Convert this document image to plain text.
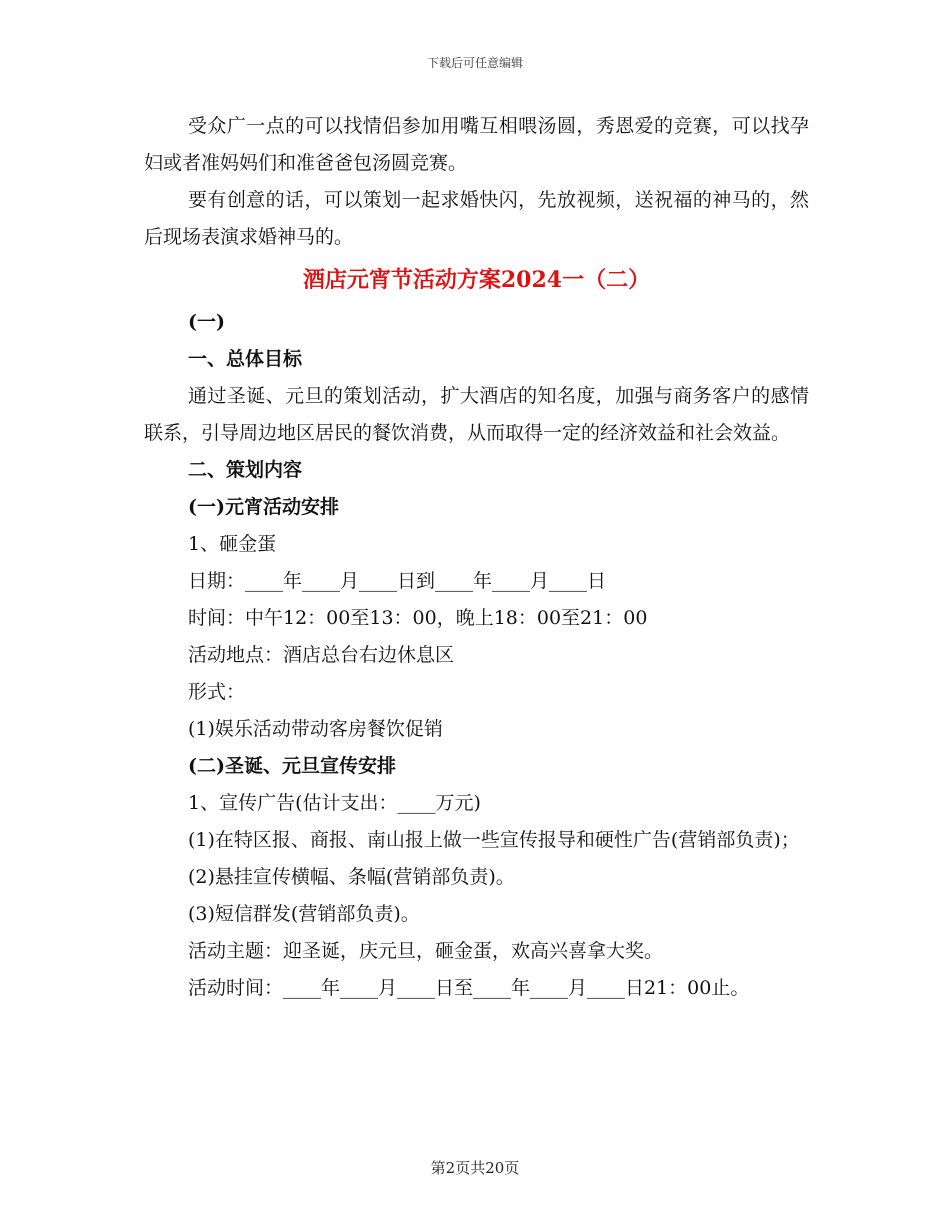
下载后可任意编辑

受众广一点的可以找情侣参加用嘴互相喂汤圆，秀恩爱的竞赛，可以找孕妇或者准妈妈们和准爸爸包汤圆竞赛。

要有创意的话，可以策划一起求婚快闪，先放视频，送祝福的神马的，然后现场表演求婚神马的。

酒店元宵节活动方案2024一（二）

(一)

一、总体目标

通过圣诞、元旦的策划活动，扩大酒店的知名度，加强与商务客户的感情联系，引导周边地区居民的餐饮消费，从而取得一定的经济效益和社会效益。

二、策划内容

(一)元宵活动安排

1、砸金蛋

日期：____年____月____日到____年____月____日

时间：中午12：00至13：00，晚上18：00至21：00

活动地点：酒店总台右边休息区

形式：

(1)娱乐活动带动客房餐饮促销

(二)圣诞、元旦宣传安排

1、宣传广告(估计支出：____万元)

(1)在特区报、商报、南山报上做一些宣传报导和硬性广告(营销部负责)；

(2)悬挂宣传横幅、条幅(营销部负责)。

(3)短信群发(营销部负责)。

活动主题：迎圣诞，庆元旦，砸金蛋，欢高兴喜拿大奖。

活动时间：____年____月____日至____年____月____日21：00止。

第2页共20页
